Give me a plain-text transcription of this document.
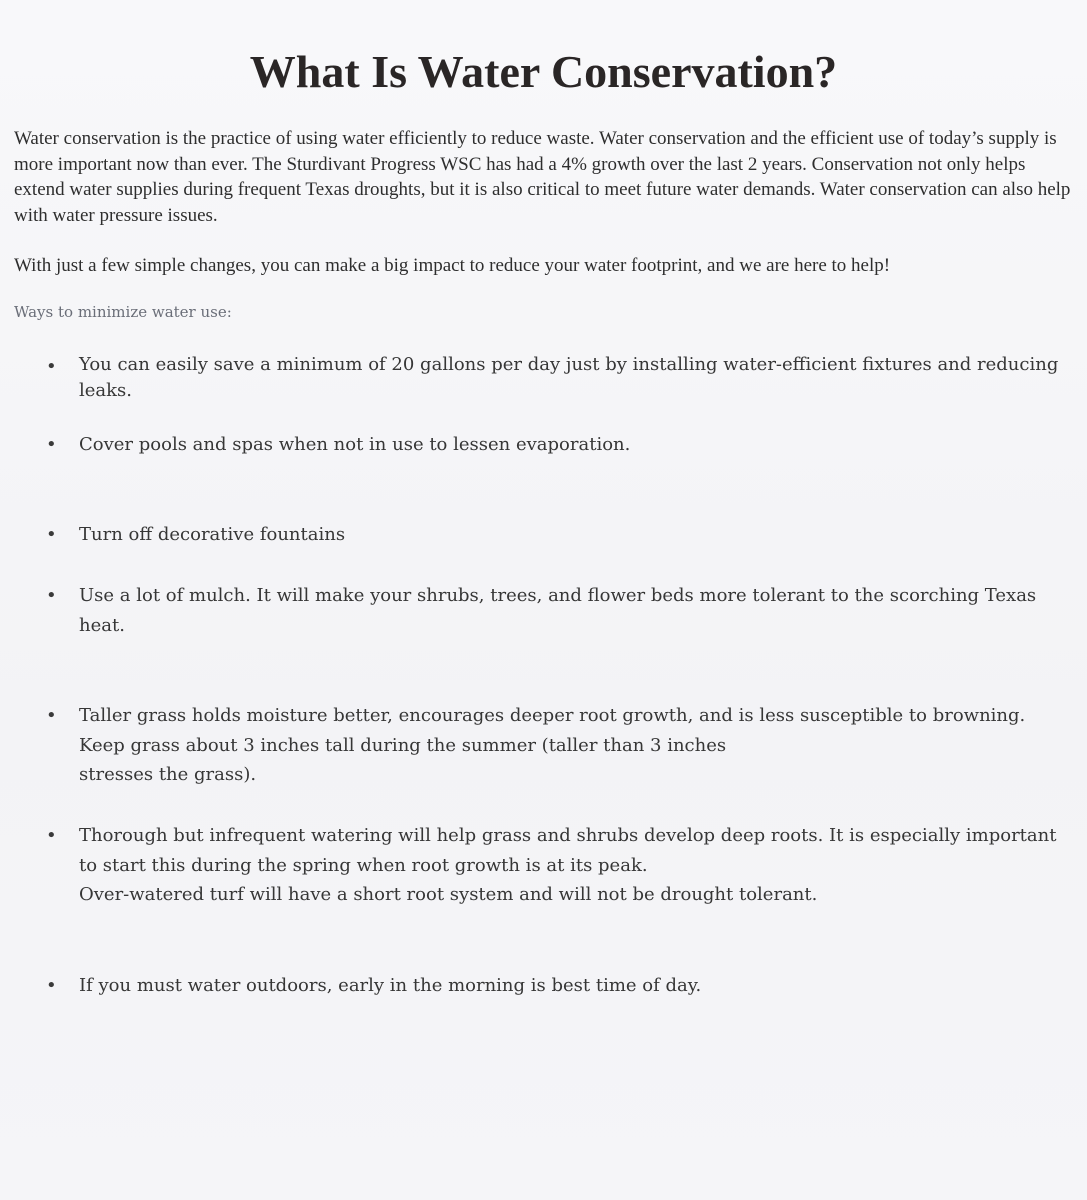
What Is Water Conservation?

Water conservation is the practice of using water efficiently to reduce waste. Water conservation and the efficient use of today’s supply is more important now than ever. The Sturdivant Progress WSC has had a 4% growth over the last 2 years. Conservation not only helps extend water supplies during frequent Texas droughts, but it is also critical to meet future water demands. Water conservation can also help with water pressure issues.

With just a few simple changes, you can make a big impact to reduce your water footprint, and we are here to help!

Ways to minimize water use:

• You can easily save a minimum of 20 gallons per day just by installing water-efficient fixtures and reducing leaks.
• Cover pools and spas when not in use to lessen evaporation.
• Turn off decorative fountains
• Use a lot of mulch. It will make your shrubs, trees, and flower beds more tolerant to the scorching Texas heat.
• Taller grass holds moisture better, encourages deeper root growth, and is less susceptible to browning. Keep grass about 3 inches tall during the summer (taller than 3 inches
stresses the grass).
• Thorough but infrequent watering will help grass and shrubs develop deep roots. It is especially important to start this during the spring when root growth is at its peak.
Over-watered turf will have a short root system and will not be drought tolerant.
• If you must water outdoors, early in the morning is best time of day.
